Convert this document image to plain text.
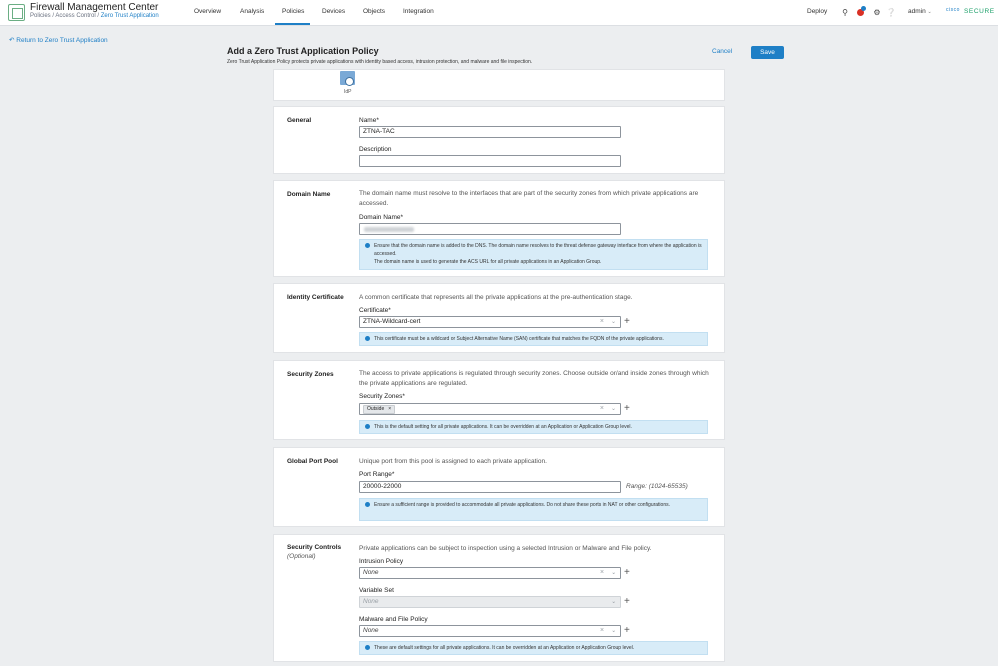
Firewall Management Center
Policies / Access Control / Zero Trust Application
Overview	Analysis	Policies	Devices	Objects	Integration	Deploy ⚲	⚙ ❔ admin ⌄	cisco SECURE
↶ Return to Zero Trust Application
Add a Zero Trust Application Policy
Zero Trust Application Policy protects private applications with identity based access, intrusion protection, and malware and file inspection.
Cancel	Save
IdP
General	Name*
ZTNA-TAC
Description
Domain Name	The domain name must resolve to the interfaces that are part of the security zones from which private applications are accessed.
Domain Name*

Ensure that the domain name is added to the DNS. The domain name resolves to the threat defense gateway interface from where the application is accessed.

The domain name is used to generate the ACS URL for all private applications in an Application Group.

Identity Certificate A common certificate that represents all the private applications at the pre-authentication stage.
Certificate*
ZTNA-Wildcard-cert	× ⌄ +

This certificate must be a wildcard or Subject Alternative Name (SAN) certificate that matches the FQDN of the private applications.

Security Zones	The access to private applications is regulated through security zones. Choose outside or/and inside zones through which the private applications are regulated.
Security Zones*
Outside ×	× ⌄ +

This is the default setting for all private applications. It can be overridden at an Application or Application Group level.

Global Port Pool	Unique port from this pool is assigned to each private application.
Port Range*
20000-22000	Range: (1024-65535)

Ensure a sufficient range is provided to accommodate all private applications. Do not share these ports in NAT or other configurations.

Security Controls
(Optional)
Private applications can be subject to inspection using a selected Intrusion or Malware and File policy.
Intrusion Policy
None	× ⌄ +
Variable Set
None	⌄ +
Malware and File Policy
None	× ⌄ +

These are default settings for all private applications. It can be overridden at an Application or Application Group level.
